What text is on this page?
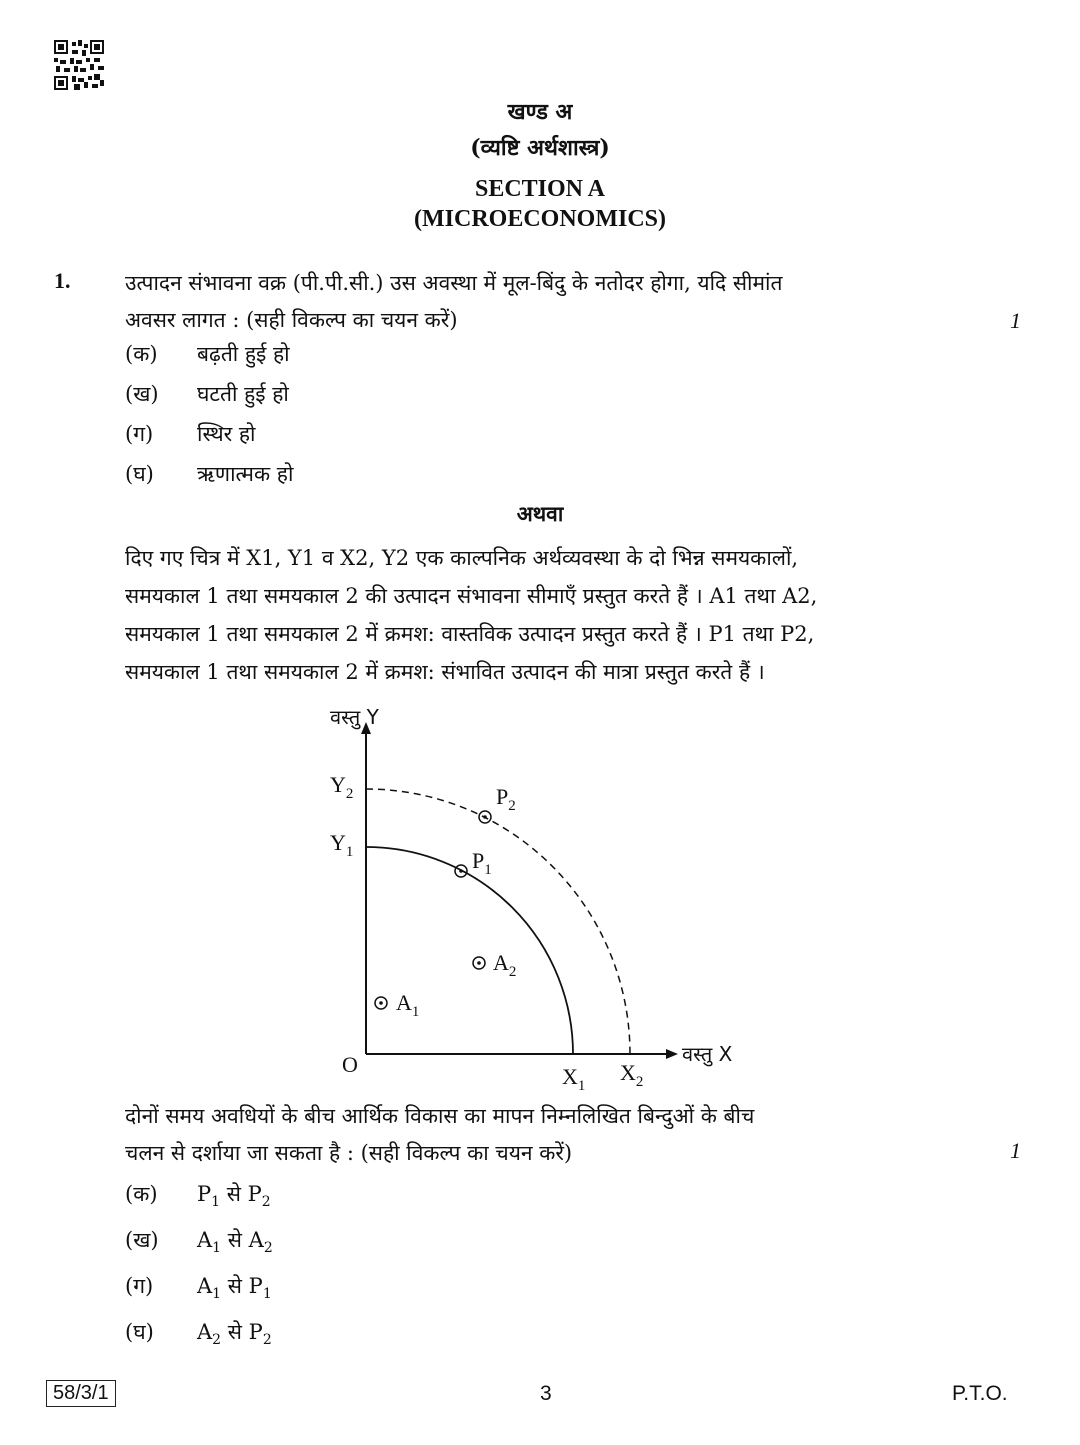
खण्ड अ
(व्यष्टि अर्थशास्त्र)
SECTION A
(MICROECONOMICS)
1.	उत्पादन संभावना वक्र (पी.पी.सी.) उस अवस्था में मूल-बिंदु के नतोदर होगा, यदि सीमांत
अवसर लागत : (सही विकल्प का चयन करें)	1
(क) बढ़ती हुई हो
(ख) घटती हुई हो
(ग) स्थिर हो
(घ) ऋणात्मक हो
अथवा
दिए गए चित्र में X1, Y1 व X2, Y2 एक काल्पनिक अर्थव्यवस्था के दो भिन्न समयकालों,
समयकाल 1 तथा समयकाल 2 की उत्पादन संभावना सीमाएँ प्रस्तुत करते हैं । A1 तथा A2,
समयकाल 1 तथा समयकाल 2 में क्रमश: वास्तविक उत्पादन प्रस्तुत करते हैं । P1 तथा P2,
समयकाल 1 तथा समयकाल 2 में क्रमश: संभावित उत्पादन की मात्रा प्रस्तुत करते हैं ।
वस्तु Y
वस्तु X
O
$Y_2$
$Y_1$
$X_1$
$X_2$
$P_2$
$P_1$
$A_2$
$A_1$
दोनों समय अवधियों के बीच आर्थिक विकास का मापन निम्नलिखित बिन्दुओं के बीच
चलन से दर्शाया जा सकता है : (सही विकल्प का चयन करें)	1
(क) $P_1$ से $P_2$
(ख) $A_1$ से $A_2$
(ग) $A_1$ से $P_1$
(घ) $A_2$ से $P_2$
58/3/1	3	P.T.O.
